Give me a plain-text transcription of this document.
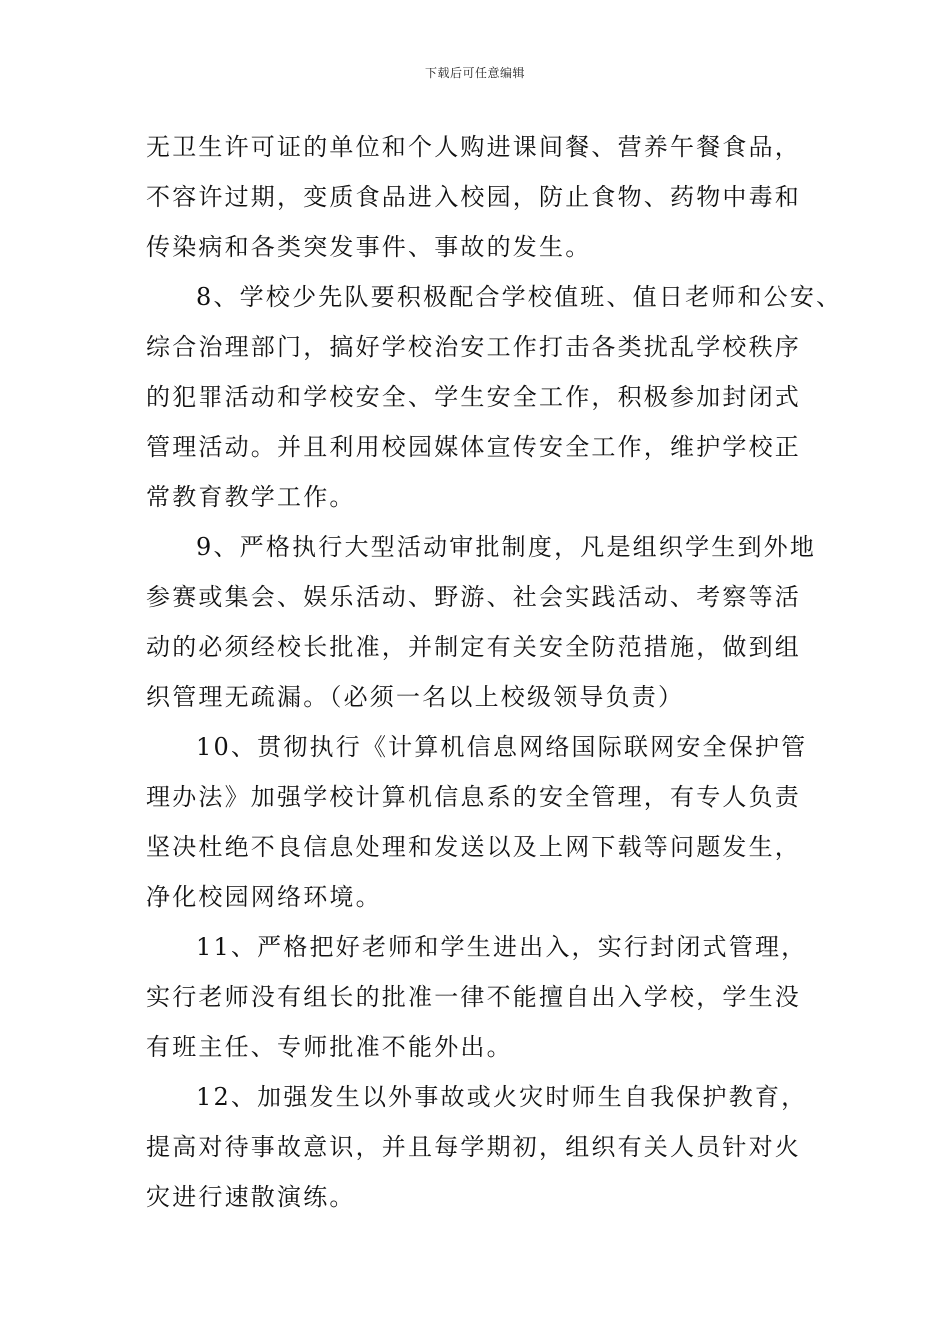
下载后可任意编辑
无卫生许可证的单位和个人购进课间餐、营养午餐食品，
不容许过期，变质食品进入校园，防止食物、药物中毒和
传染病和各类突发事件、事故的发生。
8、学校少先队要积极配合学校值班、值日老师和公安、
综合治理部门，搞好学校治安工作打击各类扰乱学校秩序
的犯罪活动和学校安全、学生安全工作，积极参加封闭式
管理活动。并且利用校园媒体宣传安全工作，维护学校正
常教育教学工作。
9、严格执行大型活动审批制度，凡是组织学生到外地
参赛或集会、娱乐活动、野游、社会实践活动、考察等活
动的必须经校长批准，并制定有关安全防范措施，做到组
织管理无疏漏。（必须一名以上校级领导负责）
10、贯彻执行《计算机信息网络国际联网安全保护管
理办法》加强学校计算机信息系的安全管理，有专人负责
坚决杜绝不良信息处理和发送以及上网下载等问题发生，
净化校园网络环境。
11、严格把好老师和学生进出入，实行封闭式管理，
实行老师没有组长的批准一律不能擅自出入学校，学生没
有班主任、专师批准不能外出。
12、加强发生以外事故或火灾时师生自我保护教育，
提高对待事故意识，并且每学期初，组织有关人员针对火
灾进行速散演练。
